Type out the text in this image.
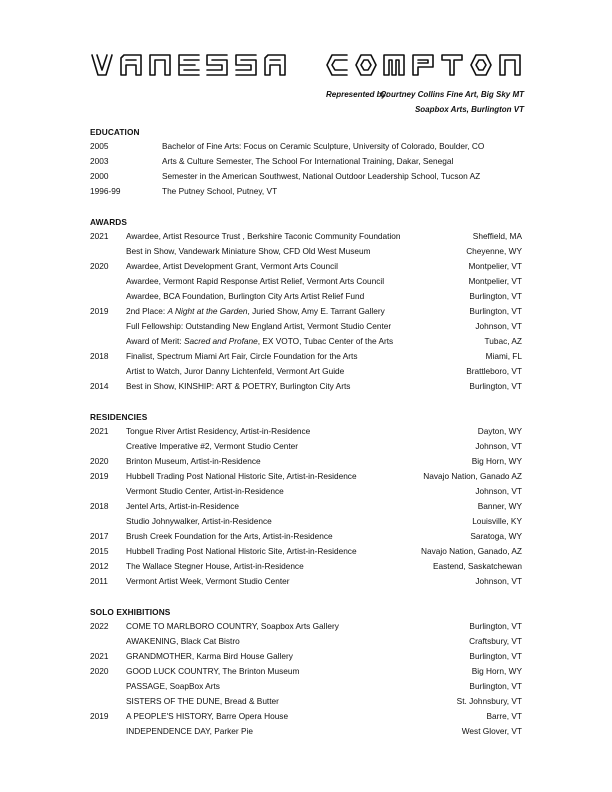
Represented by:
Courtney Collins Fine Art, Big Sky MT
Soapbox Arts, Burlington VT
EDUCATION
2005	Bachelor of Fine Arts: Focus on Ceramic Sculpture, University of Colorado, Boulder, CO
2003	Arts & Culture Semester, The School For International Training, Dakar, Senegal
2000	Semester in the American Southwest, National Outdoor Leadership School, Tucson AZ
1996-99	The Putney School, Putney, VT
AWARDS
2021 Awardee, Artist Resource Trust , Berkshire Taconic Community Foundation	Sheffield, MA
Best in Show, Vandewark Miniature Show, CFD Old West Museum	Cheyenne, WY
2020 Awardee, Artist Development Grant, Vermont Arts Council	Montpelier, VT
Awardee, Vermont Rapid Response Artist Relief, Vermont Arts Council	Montpelier, VT
Awardee, BCA Foundation, Burlington City Arts Artist Relief Fund	Burlington, VT
2019 2nd Place: A Night at the Garden, Juried Show, Amy E. Tarrant Gallery	Burlington, VT
Full Fellowship: Outstanding New England Artist, Vermont Studio Center	Johnson, VT
Award of Merit: Sacred and Profane, EX VOTO, Tubac Center of the Arts	Tubac, AZ
2018 Finalist, Spectrum Miami Art Fair, Circle Foundation for the Arts	Miami, FL
Artist to Watch, Juror Danny Lichtenfeld, Vermont Art Guide	Brattleboro, VT
2014 Best in Show, KINSHIP: ART & POETRY, Burlington City Arts	Burlington, VT
RESIDENCIES
2021 Tongue River Artist Residency, Artist-in-Residence	Dayton, WY
Creative Imperative #2, Vermont Studio Center	Johnson, VT
2020 Brinton Museum, Artist-in-Residence	Big Horn, WY
2019 Hubbell Trading Post National Historic Site, Artist-in-Residence	Navajo Nation, Ganado AZ
Vermont Studio Center, Artist-in-Residence	Johnson, VT
2018 Jentel Arts, Artist-in-Residence	Banner, WY
Studio Johnywalker, Artist-in-Residence	Louisville, KY
2017 Brush Creek Foundation for the Arts, Artist-in-Residence	Saratoga, WY
2015 Hubbell Trading Post National Historic Site, Artist-in-Residence	Navajo Nation, Ganado, AZ
2012 The Wallace Stegner House, Artist-in-Residence	Eastend, Saskatchewan
2011 Vermont Artist Week, Vermont Studio Center	Johnson, VT
SOLO EXHIBITIONS
2022 COME TO MARLBORO COUNTRY, Soapbox Arts Gallery	Burlington, VT
AWAKENING, Black Cat Bistro	Craftsbury, VT
2021 GRANDMOTHER, Karma Bird House Gallery	Burlington, VT
2020 GOOD LUCK COUNTRY, The Brinton Museum	Big Horn, WY
PASSAGE, SoapBox Arts	Burlington, VT
SISTERS OF THE DUNE, Bread & Butter	St. Johnsbury, VT
2019 A PEOPLE'S HISTORY, Barre Opera House	Barre, VT
INDEPENDENCE DAY, Parker Pie	West Glover, VT
